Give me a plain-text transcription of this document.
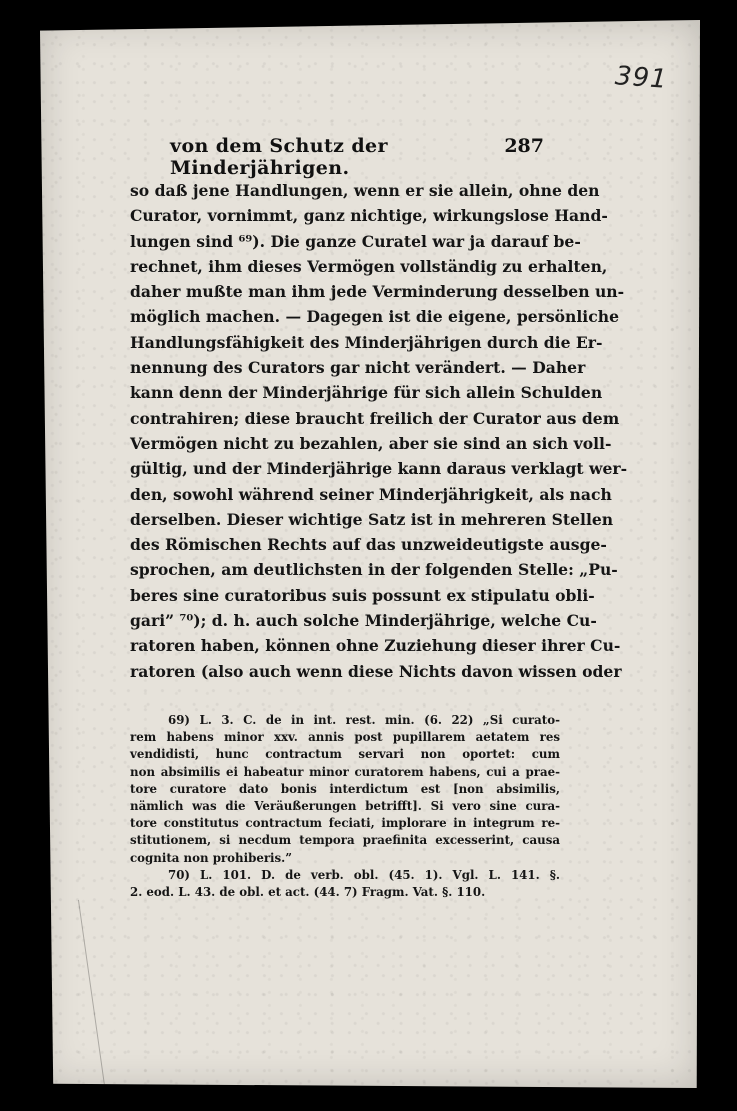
391
von dem Schutz der Minderjährigen.
287
so daß jene Handlungen, wenn er sie allein, ohne den
Curator, vornimmt, ganz nichtige, wirkungslose Hand-
lungen sind ⁶⁹). Die ganze Curatel war ja darauf be-
rechnet, ihm dieses Vermögen vollständig zu erhalten,
daher mußte man ihm jede Verminderung desselben un-
möglich machen. — Dagegen ist die eigene, persönliche
Handlungsfähigkeit des Minderjährigen durch die Er-
nennung des Curators gar nicht verändert. — Daher
kann denn der Minderjährige für sich allein Schulden
contrahiren; diese braucht freilich der Curator aus dem
Vermögen nicht zu bezahlen, aber sie sind an sich voll-
gültig, und der Minderjährige kann daraus verklagt wer-
den, sowohl während seiner Minderjährigkeit, als nach
derselben. Dieser wichtige Satz ist in mehreren Stellen
des Römischen Rechts auf das unzweideutigste ausge-
sprochen, am deutlichsten in der folgenden Stelle: „Pu-
beres sine curatoribus suis possunt ex stipulatu obli-
gari” ⁷⁰); d. h. auch solche Minderjährige, welche Cu-
ratoren haben, können ohne Zuziehung dieser ihrer Cu-
ratoren (also auch wenn diese Nichts davon wissen oder
69) L. 3. C. de in int. rest. min. (6. 22) „Si curato-
rem habens minor xxv. annis post pupillarem aetatem res
vendidisti, hunc contractum servari non oportet: cum
non absimilis ei habeatur minor curatorem habens, cui a prae-
tore curatore dato bonis interdictum est [non absimilis,
nämlich was die Veräußerungen betrifft]. Si vero sine cura-
tore constitutus contractum feciati, implorare in integrum re-
stitutionem, si necdum tempora praefinita excesserint, causa
cognita non prohiberis.”
70) L. 101. D. de verb. obl. (45. 1). Vgl. L. 141. §.
2. eod. L. 43. de obl. et act. (44. 7) Fragm. Vat. §. 110.
